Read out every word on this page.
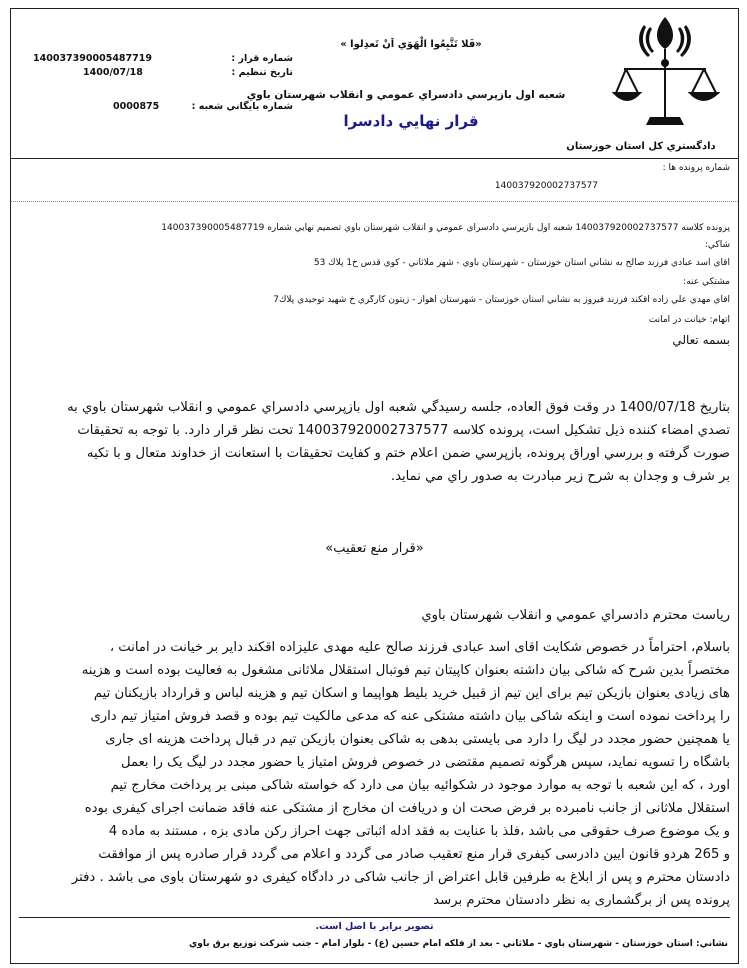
دادگستري كل استان خوزستان
«فَلا تَتَّبِعُوا الْهَوَي اَنْ تَعدِلوا »
شعبه اول بازپرسي دادسراي عمومي و انقلاب شهرستان باوي
قرار نهايي دادسرا
شماره قرار :
140037390005487719
تاريخ تنظيم :
1400/07/18
شماره بايگاني شعبه :
0000875
شماره پرونده ها :
140037920002737577
پرونده كلاسه 140037920002737577 شعبه اول بازپرسي دادسراي عمومي و انقلاب شهرستان باوي تصميم نهايي شماره 140037390005487719
شاكي:
آقاي اسد عبادي فرزند صالح به نشاني استان خوزستان - شهرستان باوي - شهر ملاثاني - كوي قدس خ1 پلاك 53
مشتكي عنه:
آقاي مهدي علي زاده آقكند فرزند فيروز به نشاني استان خوزستان - شهرستان اهواز - زيتون كارگري خ شهيد توحيدي پلاك7
اتهام: خيانت در امانت
بسمه تعالي
بتاريخ 1400/07/18 در وقت فوق العاده، جلسه رسيدگي شعبه اول بازپرسي دادسراي عمومي و انقلاب شهرستان باوي به
تصدي امضاء كننده ذيل تشكيل است، پرونده كلاسه 140037920002737577 تحت نظر قرار دارد. با توجه به تحقيقات
صورت گرفته و بررسي اوراق پرونده، بازپرسي ضمن اعلام ختم و كفايت تحقيقات با استعانت از خداوند متعال و با تكيه
بر شرف و وجدان به شرح زير مبادرت به صدور راي مي نمايد.
«قرار منع تعقيب»
رياست محترم دادسراي عمومي و انقلاب شهرستان باوي
باسلام، احتراماً در خصوص شكايت اقاى اسد عبادى فرزند صالح علیه مهدى علیزاده اقكند داير بر خيانت در امانت ،
مختصراً بدین شرح كه شاكى بيان داشته بعنوان كاپیتان تيم فوتبال استقلال ملاثانى مشغول به فعاليت بوده است و هزینه
هاى زيادى بعنوان بازيكن تيم براى اين تيم از قبيل خريد بليط هواپيما و اسكان تيم و هزينه لباس و قرارداد بازيكنان تيم
را پرداخت نموده است و اينكه شاكى بيان داشته مشتكى عنه كه مدعى مالكيت تيم بوده و قصد فروش امتياز تيم دارى
يا همچنين حضور مجدد در ليگ را دارد مى بايستى بدهى به شاكى بعنوان بازيكن تيم در قبال پرداخت هزينه اى جارى
باشگاه را تسويه نمايد، سپس هرگونه تصميم مقتضى در خصوص فروش امتياز يا حضور مجدد در ليگ يک را بعمل
اورد ، كه اين شعبه با توجه به موارد موجود در شكوائيه بيان مى دارد كه خواسته شاكى مبنى بر پرداخت مخارج تيم
استقلال ملاثانى از جانب نامبرده بر فرض صحت ان و دريافت ان مخارج از مشتكى عنه فاقد ضمانت اجراى كيفرى بوده
و يک موضوع صرف حقوقى مى باشد ،فلذ با عنايت به فقد ادله اثباتى جهت احراز ركن مادى بزه ، مستند به ماده 4
و 265 هردو قانون ايين دادرسى كيفرى قرار منع تعقيب صادر مى گردد و اعلام مى گردد قرار صادره پس از موافقت
دادستان محترم و پس از ابلاغ به طرفين قابل اعتراض از جانب شاكى در دادگاه كيفرى دو شهرستان باوى مى باشد . دفتر
پرونده پس از برگشمارى به نظر دادستان محترم برسد
تصوير برابر با اصل است.
نشاني: استان خوزستان - شهرستان باوي - ملاثاني - بعد از فلكه امام حسين (ع) - بلوار امام - جنب شركت توزيع برق باوي
